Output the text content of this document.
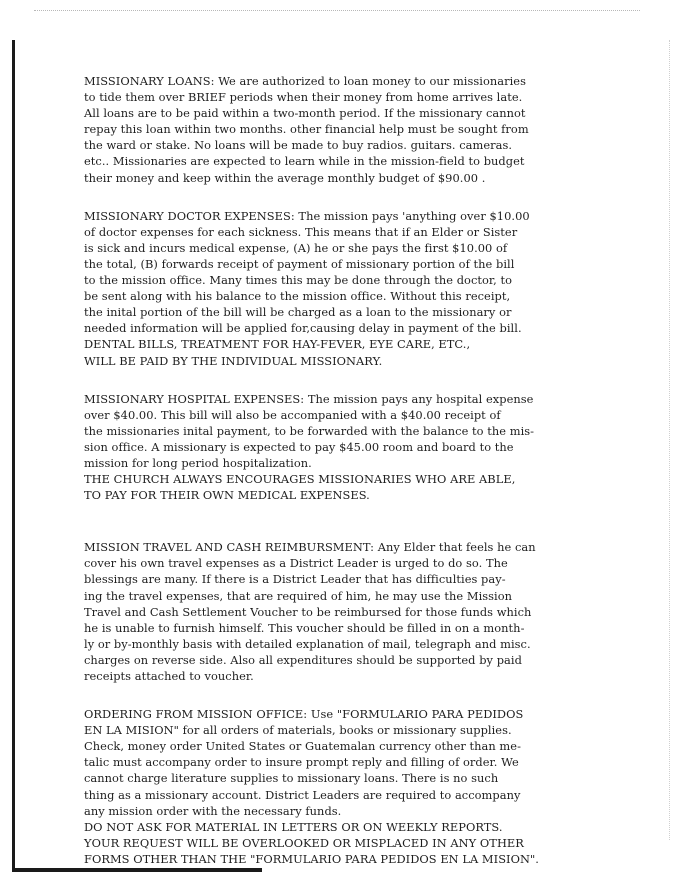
MISSIONARY LOANS: We are authorized to loan money to our missionaries
to tide them over BRIEF periods when their money from home arrives late.
All loans are to be paid within a two-month period. If the missionary cannot
repay this loan within two months. other financial help must be sought from
the ward or stake. No loans will be made to buy radios. guitars. cameras.
etc.. Missionaries are expected to learn while in the mission-field to budget
their money and keep within the average monthly budget of $90.00 .

MISSIONARY DOCTOR EXPENSES: The mission pays 'anything over $10.00
of doctor expenses for each sickness. This means that if an Elder or Sister
is sick and incurs medical expense, (A) he or she pays the first $10.00 of
the total, (B) forwards receipt of payment of missionary portion of the bill
to the mission office. Many times this may be done through the doctor, to
be sent along with his balance to the mission office. Without this receipt,
the inital portion of the bill will be charged as a loan to the missionary or
needed information will be applied for,causing delay in payment of the bill.
DENTAL BILLS, TREATMENT FOR HAY-FEVER, EYE CARE, ETC.,
WILL BE PAID BY THE INDIVIDUAL MISSIONARY.

MISSIONARY HOSPITAL EXPENSES: The mission pays any hospital expense
over $40.00. This bill will also be accompanied with a $40.00 receipt of
the missionaries inital payment, to be forwarded with the balance to the mis-
sion office. A missionary is expected to pay $45.00 room and board to the
mission for long period hospitalization.
THE CHURCH ALWAYS ENCOURAGES MISSIONARIES WHO ARE ABLE,
TO PAY FOR THEIR OWN MEDICAL EXPENSES.

MISSION TRAVEL AND CASH REIMBURSMENT: Any Elder that feels he can
cover his own travel expenses as a District Leader is urged to do so. The
blessings are many. If there is a District Leader that has difficulties pay-
ing the travel expenses, that are required of him, he may use the Mission
Travel and Cash Settlement Voucher to be reimbursed for those funds which
he is unable to furnish himself. This voucher should be filled in on a month-
ly or by-monthly basis with detailed explanation of mail, telegraph and misc.
charges on reverse side. Also all expenditures should be supported by paid
receipts attached to voucher.

ORDERING FROM MISSION OFFICE: Use "FORMULARIO PARA PEDIDOS
EN LA MISION" for all orders of materials, books or missionary supplies.
Check, money order United States or Guatemalan currency other than me-
talic must accompany order to insure prompt reply and filling of order. We
cannot charge literature supplies to missionary loans. There is no such
thing as a missionary account. District Leaders are required to accompany
any mission order with the necessary funds.
DO NOT ASK FOR MATERIAL IN LETTERS OR ON WEEKLY REPORTS.
YOUR REQUEST WILL BE OVERLOOKED OR MISPLACED IN ANY OTHER
FORMS OTHER THAN THE "FORMULARIO PARA PEDIDOS EN LA MISION".
